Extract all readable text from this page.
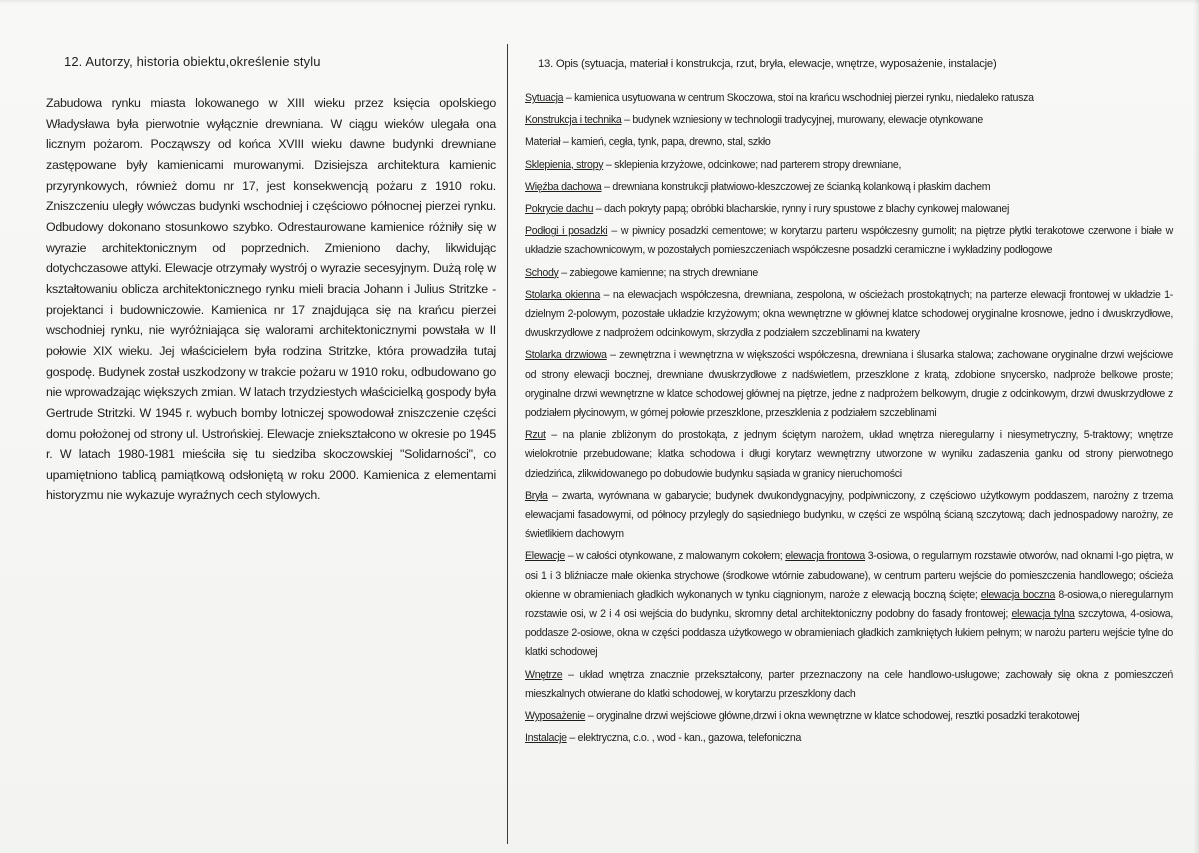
12. Autorzy, historia obiektu,określenie stylu

Zabudowa rynku miasta lokowanego w XIII wieku przez księcia opolskiego Władysława była pierwotnie wyłącznie drewniana. W ciągu wieków ulegała ona licznym pożarom. Począwszy od końca XVIII wieku dawne budynki drewniane zastępowane były kamienicami murowanymi. Dzisiejsza architektura kamienic przyrynkowych, również domu nr 17, jest konsekwencją pożaru z 1910 roku. Zniszczeniu uległy wówczas budynki wschodniej i częściowo północnej pierzei rynku. Odbudowy dokonano stosunkowo szybko. Odrestaurowane kamienice różniły się w wyrazie architektonicznym od poprzednich. Zmieniono dachy, likwidując dotychczasowe attyki. Elewacje otrzymały wystrój o wyrazie secesyjnym. Dużą rolę w kształtowaniu oblicza architektonicznego rynku mieli bracia Johann i Julius Stritzke - projektanci i budowniczowie. Kamienica nr 17 znajdująca się na krańcu pierzei wschodniej rynku, nie wyróżniająca się walorami architektonicznymi powstała w II połowie XIX wieku. Jej właścicielem była rodzina Stritzke, która prowadziła tutaj gospodę. Budynek został uszkodzony w trakcie pożaru w 1910 roku, odbudowano go nie wprowadzając większych zmian. W latach trzydziestych właścicielką gospody była Gertrude Stritzki. W 1945 r. wybuch bomby lotniczej spowodował zniszczenie części domu położonej od strony ul. Ustrońskiej. Elewacje zniekształcono w okresie po 1945 r. W latach 1980-1981 mieściła się tu siedziba skoczowskiej "Solidarności", co upamiętniono tablicą pamiątkową odsłoniętą w roku 2000. Kamienica z elementami historyzmu nie wykazuje wyraźnych cech stylowych.

13. Opis (sytuacja, materiał i konstrukcja, rzut, bryła, elewacje, wnętrze, wyposażenie, instalacje)

Sytuacja – kamienica usytuowana w centrum Skoczowa, stoi na krańcu wschodniej pierzei rynku, niedaleko ratusza

Konstrukcja i technika – budynek wzniesiony w technologii tradycyjnej, murowany, elewacje otynkowane

Materiał – kamień, cegła, tynk, papa, drewno, stal, szkło

Sklepienia, stropy – sklepienia krzyżowe, odcinkowe; nad parterem stropy drewniane,

Więźba dachowa – drewniana konstrukcji płatwiowo-kleszczowej ze ścianką kolankową i płaskim dachem

Pokrycie dachu – dach pokryty papą; obróbki blacharskie, rynny i rury spustowe z blachy cynkowej malowanej

Podłogi i posadzki – w piwnicy posadzki cementowe; w korytarzu parteru współczesny gumolit; na piętrze płytki terakotowe czerwone i białe w układzie szachownicowym, w pozostałych pomieszczeniach współczesne posadzki ceramiczne i wykładziny podłogowe

Schody – zabiegowe kamienne; na strych drewniane

Stolarka okienna – na elewacjach współczesna, drewniana, zespolona, w ościeżach prostokątnych; na parterze elewacji frontowej w układzie 1-dzielnym 2-polowym, pozostałe układzie krzyżowym; okna wewnętrzne w głównej klatce schodowej oryginalne krosnowe, jedno i dwuskrzydłowe, dwuskrzydłowe z nadprożem odcinkowym, skrzydła z podziałem szczeblinami na kwatery

Stolarka drzwiowa – zewnętrzna i wewnętrzna w większości współczesna, drewniana i ślusarka stalowa; zachowane oryginalne drzwi wejściowe od strony elewacji bocznej, drewniane dwuskrzydłowe z nadświetlem, przeszklone z kratą, zdobione snycersko, nadproże belkowe proste; oryginalne drzwi wewnętrzne w klatce schodowej głównej na piętrze, jedne z nadprożem belkowym, drugie z odcinkowym, drzwi dwuskrzydłowe z podziałem płycinowym, w górnej połowie przeszklone, przeszklenia z podziałem szczeblinami

Rzut – na planie zbliżonym do prostokąta, z jednym ściętym narożem, układ wnętrza nieregularny i niesymetryczny, 5-traktowy; wnętrze wielokrotnie przebudowane; klatka schodowa i długi korytarz wewnętrzny utworzone w wyniku zadaszenia ganku od strony pierwotnego dziedzińca, zlikwidowanego po dobudowie budynku sąsiada w granicy nieruchomości

Bryła – zwarta, wyrównana w gabarycie; budynek dwukondygnacyjny, podpiwniczony, z częściowo użytkowym poddaszem, narożny z trzema elewacjami fasadowymi, od północy przylegly do sąsiedniego budynku, w części ze wspólną ścianą szczytową; dach jednospadowy narożny, ze świetlikiem dachowym

Elewacje – w całości otynkowane, z malowanym cokołem; elewacja frontowa 3-osiowa, o regularnym rozstawie otworów, nad oknami I-go piętra, w osi 1 i 3 bliźniacze małe okienka strychowe (środkowe wtórnie zabudowane), w centrum parteru wejście do pomieszczenia handlowego; ościeża okienne w obramieniach gładkich wykonanych w tynku ciągnionym, naroże z elewacją boczną ścięte; elewacja boczna 8-osiowa,o nieregularnym rozstawie osi, w 2 i 4 osi wejścia do budynku, skromny detal architektoniczny podobny do fasady frontowej; elewacja tylna szczytowa, 4-osiowa, poddasze 2-osiowe, okna w części poddasza użytkowego w obramieniach gładkich zamkniętych łukiem pełnym; w narożu parteru wejście tylne do klatki schodowej

Wnętrze – układ wnętrza znacznie przekształcony, parter przeznaczony na cele handlowo-usługowe; zachowały się okna z pomieszczeń mieszkalnych otwierane do klatki schodowej, w korytarzu przeszklony dach

Wyposażenie – oryginalne drzwi wejściowe główne,drzwi i okna wewnętrzne w klatce schodowej, resztki posadzki terakotowej

Instalacje – elektryczna, c.o. , wod - kan., gazowa, telefoniczna
